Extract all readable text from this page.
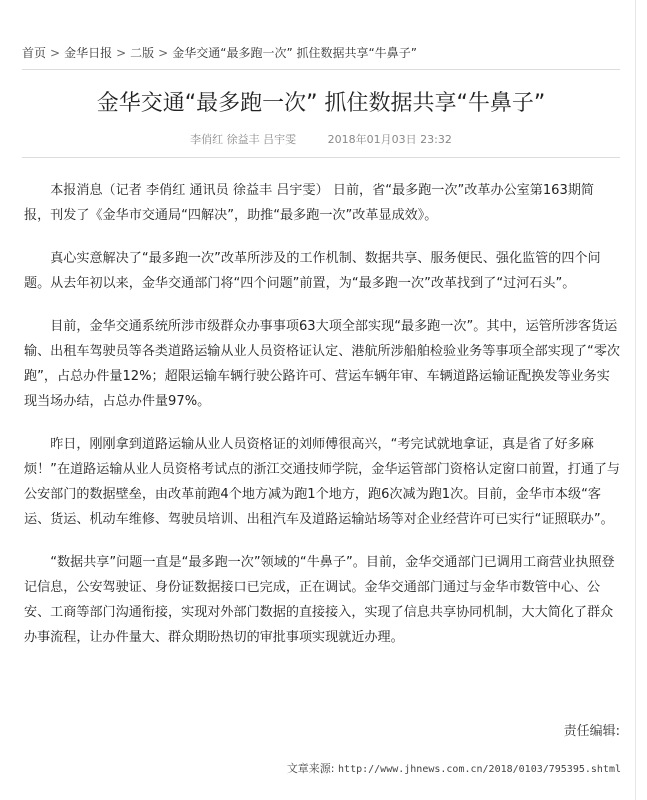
首页 > 金华日报 > 二版 > 金华交通“最多跑一次” 抓住数据共享“牛鼻子”
金华交通“最多跑一次” 抓住数据共享“牛鼻子”
李俏红 徐益丰 吕宇雯	2018年01月03日 23:32

本报消息（记者 李俏红 通讯员 徐益丰 吕宇雯） 日前，省“最多跑一次”改革办公室第163期简报，刊发了《金华市交通局“四解决”，助推“最多跑一次”改革显成效》。

真心实意解决了“最多跑一次”改革所涉及的工作机制、数据共享、服务便民、强化监管的四个问题。从去年初以来，金华交通部门将“四个问题”前置，为“最多跑一次”改革找到了“过河石头”。

目前，金华交通系统所涉市级群众办事事项63大项全部实现“最多跑一次”。其中，运管所涉客货运输、出租车驾驶员等各类道路运输从业人员资格证认定、港航所涉船舶检验业务等事项全部实现了“零次跑”，占总办件量12%；超限运输车辆行驶公路许可、营运车辆年审、车辆道路运输证配换发等业务实现当场办结，占总办件量97%。

昨日，刚刚拿到道路运输从业人员资格证的刘师傅很高兴，“考完试就地拿证，真是省了好多麻烦！”在道路运输从业人员资格考试点的浙江交通技师学院，金华运管部门资格认定窗口前置，打通了与公安部门的数据壁垒，由改革前跑4个地方减为跑1个地方，跑6次减为跑1次。目前，金华市本级“客运、货运、机动车维修、驾驶员培训、出租汽车及道路运输站场等对企业经营许可已实行“证照联办”。

“数据共享”问题一直是“最多跑一次”领域的“牛鼻子”。目前，金华交通部门已调用工商营业执照登记信息，公安驾驶证、身份证数据接口已完成，正在调试。金华交通部门通过与金华市数管中心、公安、工商等部门沟通衔接，实现对外部门数据的直接接入，实现了信息共享协同机制，大大简化了群众办事流程，让办件量大、群众期盼热切的审批事项实现就近办理。

责任编辑:
文章来源: http://www.jhnews.com.cn/2018/0103/795395.shtml
